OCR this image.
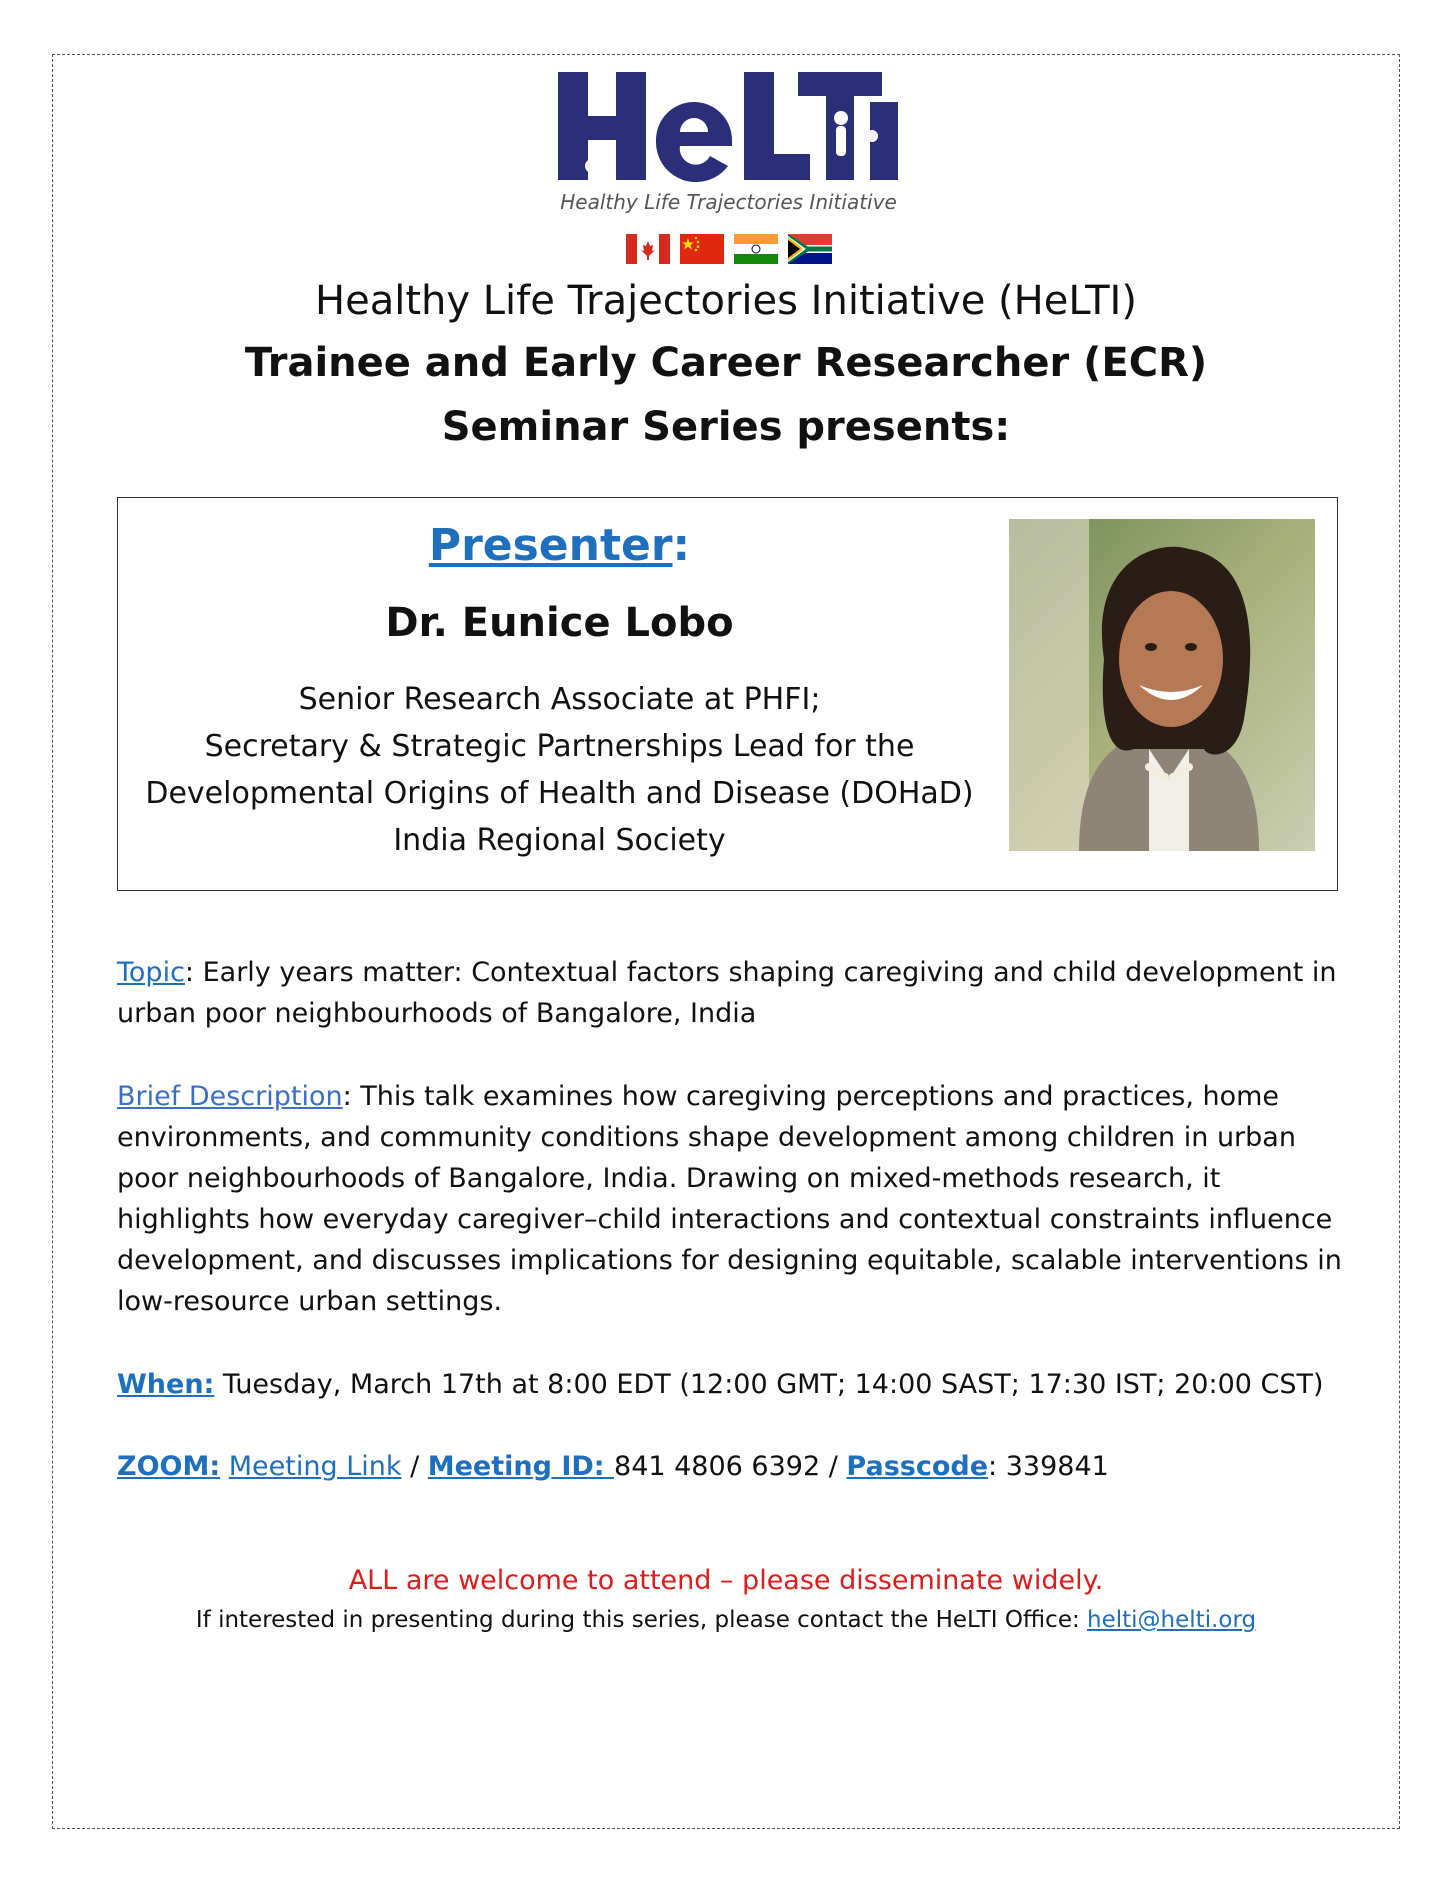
Healthy Life Trajectories Initiative
Healthy Life Trajectories Initiative (HeLTI)
Trainee and Early Career Researcher (ECR)
Seminar Series presents:
Presenter:
Dr. Eunice Lobo
Senior Research Associate at PHFI;
Secretary & Strategic Partnerships Lead for the
Developmental Origins of Health and Disease (DOHaD)
India Regional Society
Topic: Early years matter: Contextual factors shaping caregiving and child development in urban poor neighbourhoods of Bangalore, India
Brief Description: This talk examines how caregiving perceptions and practices, home environments, and community conditions shape development among children in urban poor neighbourhoods of Bangalore, India. Drawing on mixed-methods research, it highlights how everyday caregiver–child interactions and contextual constraints influence development, and discusses implications for designing equitable, scalable interventions in low-resource urban settings.
When: Tuesday, March 17th at 8:00 EDT (12:00 GMT; 14:00 SAST; 17:30 IST; 20:00 CST)
ZOOM: Meeting Link / Meeting ID: 841 4806 6392 / Passcode: 339841
ALL are welcome to attend – please disseminate widely.
If interested in presenting during this series, please contact the HeLTI Office: helti@helti.org
